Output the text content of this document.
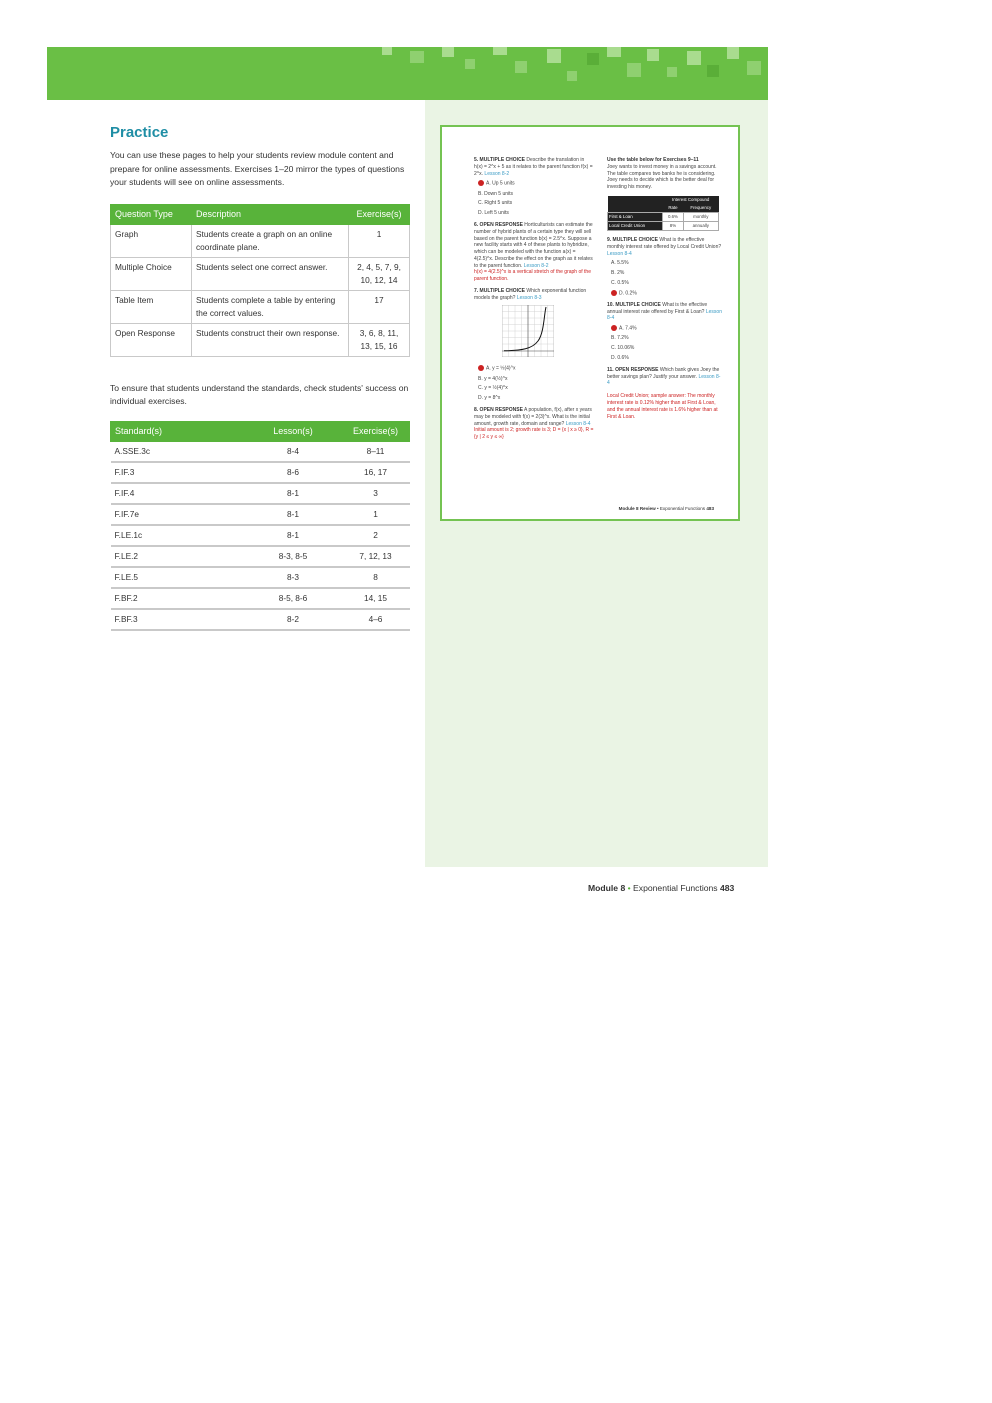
Practice

You can use these pages to help your students review module content and prepare for online assessments. Exercises 1–20 mirror the types of questions your students will see on online assessments.

Question Type	Description	Exercise(s)
Graph	Students create a graph on an online coordinate plane.	1
Multiple Choice	Students select one correct answer.	2, 4, 5, 7, 9, 10, 12, 14
Table Item	Students complete a table by entering the correct values.	17
Open Response	Students construct their own response.	3, 6, 8, 11, 13, 15, 16

To ensure that students understand the standards, check students' success on individual exercises.

Standard(s)	Lesson(s)	Exercise(s)
A.SSE.3c	8-4	8–11
F.IF.3	8-6	16, 17
F.IF.4	8-1	3
F.IF.7e	8-1	1
F.LE.1c	8-1	2
F.LE.2	8-3, 8-5	7, 12, 13
F.LE.5	8-3	8
F.BF.2	8-5, 8-6	14, 15
F.BF.3	8-2	4–6
5. MULTIPLE CHOICE Describe the translation in h(x) = 2^x + 5 as it relates to the parent function f(x) = 2^x. Lesson 8-2
A. Up 5 units
B. Down 5 units
C. Right 5 units
D. Left 5 units
6. OPEN RESPONSE Horticulturists can estimate the number of hybrid plants of a certain type they will sell based on the parent function b(x) = 2.5^x. Suppose a new facility starts with 4 of these plants to hybridize, which can be modeled with the function a(x) = 4(2.5)^x. Describe the effect on the graph as it relates to the parent function. Lesson 8-2
h(x) = 4(2.5)^x is a vertical stretch of the graph of the parent function.
7. MULTIPLE CHOICE Which exponential function models the graph? Lesson 8-3
A. y = ½(4)^x
B. y = 4(½)^x
C. y = ½(4)^x
D. y = 8^x
8. OPEN RESPONSE A population, f(x), after x years may be modeled with f(x) = 2(3)^x. What is the initial amount, growth rate, domain and range? Lesson 8-4
Initial amount is 2; growth rate is 3; D = {x | x ≥ 0}, R = {y | 2 ≤ y ≤ ∞}
Use the table below for Exercises 9–11
Joey wants to invest money in a savings account. The table compares two banks he is considering. Joey needs to decide which is the better deal for investing his money.
	Interest Compound	
	Rate	Frequency
First & Loan	0.6%	monthly
Local Credit Union	8%	annually
9. MULTIPLE CHOICE What is the effective monthly interest rate offered by Local Credit Union? Lesson 8-4
A. 5.5%
B. 2%
C. 0.5%
D. 0.2%
10. MULTIPLE CHOICE What is the effective annual interest rate offered by First & Loan? Lesson 8-4
A. 7.4%
B. 7.2%
C. 10.06%
D. 0.6%
11. OPEN RESPONSE Which bank gives Joey the better savings plan? Justify your answer. Lesson 8-4
Local Credit Union; sample answer: The monthly interest rate is 0.12% higher than at First & Loan, and the annual interest rate is 1.6% higher than at First & Loan.
Module 8 Review • Exponential Functions 483
Module 8 • Exponential Functions 483
